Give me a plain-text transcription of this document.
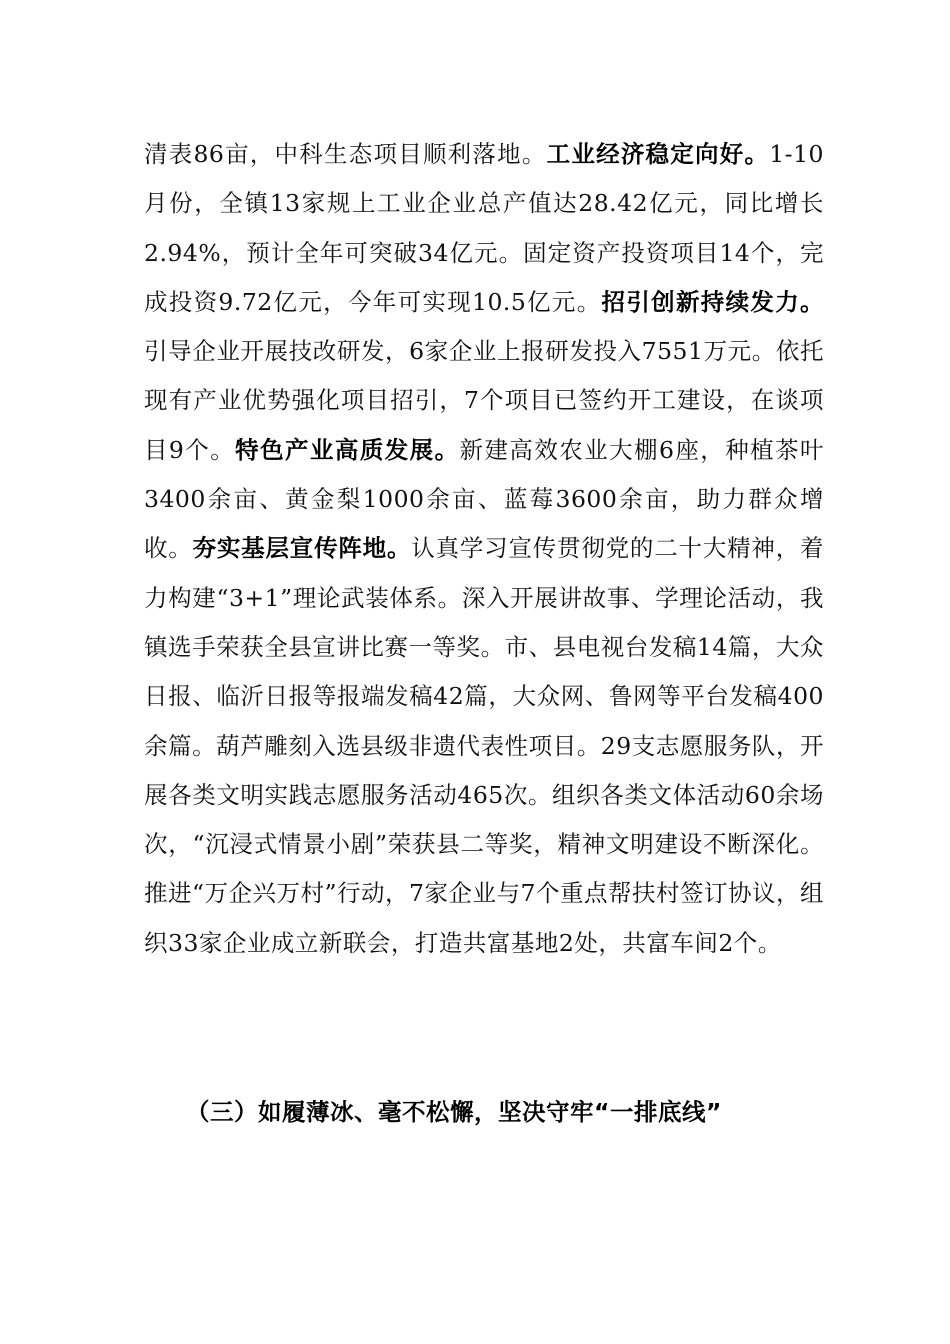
清表86亩，中科生态项目顺利落地。工业经济稳定向好。1-10月份，全镇13家规上工业企业总产值达28.42亿元，同比增长2.94%，预计全年可突破34亿元。固定资产投资项目14个，完成投资9.72亿元，今年可实现10.5亿元。招引创新持续发力。引导企业开展技改研发，6家企业上报研发投入7551万元。依托现有产业优势强化项目招引，7个项目已签约开工建设，在谈项目9个。特色产业高质发展。新建高效农业大棚6座，种植茶叶3400余亩、黄金梨1000余亩、蓝莓3600余亩，助力群众增收。夯实基层宣传阵地。认真学习宣传贯彻党的二十大精神，着力构建“3+1”理论武装体系。深入开展讲故事、学理论活动，我镇选手荣获全县宣讲比赛一等奖。市、县电视台发稿14篇，大众日报、临沂日报等报端发稿42篇，大众网、鲁网等平台发稿400余篇。葫芦雕刻入选县级非遗代表性项目。29支志愿服务队，开展各类文明实践志愿服务活动465次。组织各类文体活动60余场次，“沉浸式情景小剧”荣获县二等奖，精神文明建设不断深化。推进“万企兴万村”行动，7家企业与7个重点帮扶村签订协议，组织33家企业成立新联会，打造共富基地2处，共富车间2个。
（三）如履薄冰、毫不松懈，坚决守牢“一排底线”
